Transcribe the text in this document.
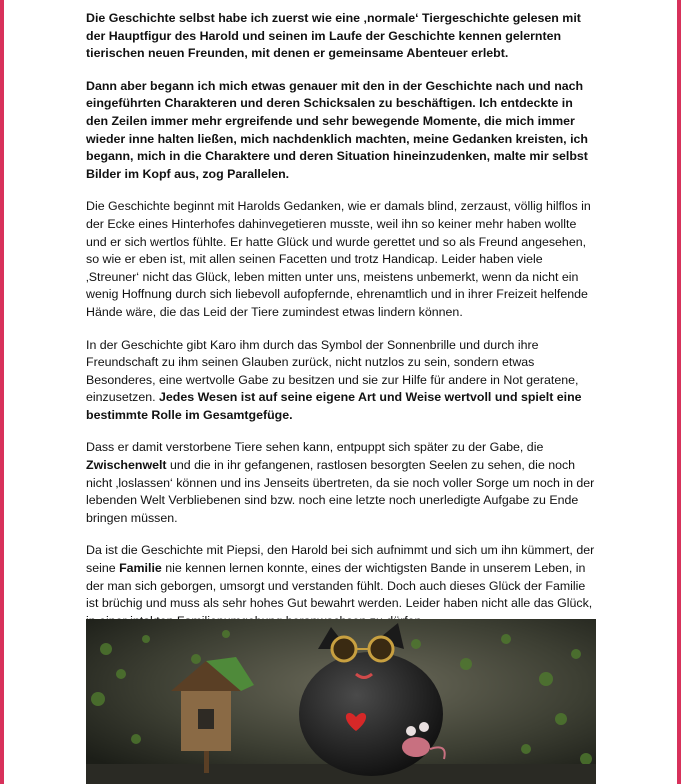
Die Geschichte selbst habe ich zuerst wie eine ‚normale‘ Tiergeschichte gelesen mit der Hauptfigur des Harold und seinen im Laufe der Geschichte kennen gelernten tierischen neuen Freunden, mit denen er gemeinsame Abenteuer erlebt.

Dann aber begann ich mich etwas genauer mit den in der Geschichte nach und nach eingeführten Charakteren und deren Schicksalen zu beschäftigen. Ich entdeckte in den Zeilen immer mehr ergreifende und sehr bewegende Momente, die mich immer wieder inne halten ließen, mich nachdenklich machten, meine Gedanken kreisten, ich begann, mich in die Charaktere und deren Situation hineinzudenken, malte mir selbst Bilder im Kopf aus, zog Parallelen.

Die Geschichte beginnt mit Harolds Gedanken, wie er damals blind, zerzaust, völlig hilflos in der Ecke eines Hinterhofes dahinvegetieren musste, weil ihn so keiner mehr haben wollte und er sich wertlos fühlte. Er hatte Glück und wurde gerettet und so als Freund angesehen, so wie er eben ist, mit allen seinen Facetten und trotz Handicap. Leider haben viele ‚Streuner‘ nicht das Glück, leben mitten unter uns, meistens unbemerkt, wenn da nicht ein wenig Hoffnung durch sich liebevoll aufopfernde, ehrenamtlich und in ihrer Freizeit helfende Hände wäre, die das Leid der Tiere zumindest etwas lindern können.

In der Geschichte gibt Karo ihm durch das Symbol der Sonnenbrille und durch ihre Freundschaft zu ihm seinen Glauben zurück, nicht nutzlos zu sein, sondern etwas Besonderes, eine wertvolle Gabe zu besitzen und sie zur Hilfe für andere in Not geratene, einzusetzen. Jedes Wesen ist auf seine eigene Art und Weise wertvoll und spielt eine bestimmte Rolle im Gesamtgefüge.

Dass er damit verstorbene Tiere sehen kann, entpuppt sich später zu der Gabe, die Zwischenwelt und die in ihr gefangenen, rastlosen besorgten Seelen zu sehen, die noch nicht ‚loslassen‘ können und ins Jenseits übertreten, da sie noch voller Sorge um noch in der lebenden Welt Verbliebenen sind bzw. noch eine letzte noch unerledigte Aufgabe zu Ende bringen müssen.

Da ist die Geschichte mit Piepsi, den Harold bei sich aufnimmt und sich um ihn kümmert, der seine Familie nie kennen lernen konnte, eines der wichtigsten Bande in unserem Leben, in der man sich geborgen, umsorgt und verstanden fühlt. Doch auch dieses Glück der Familie ist brüchig und muss als sehr hohes Gut bewahrt werden. Leider haben nicht alle das Glück,
